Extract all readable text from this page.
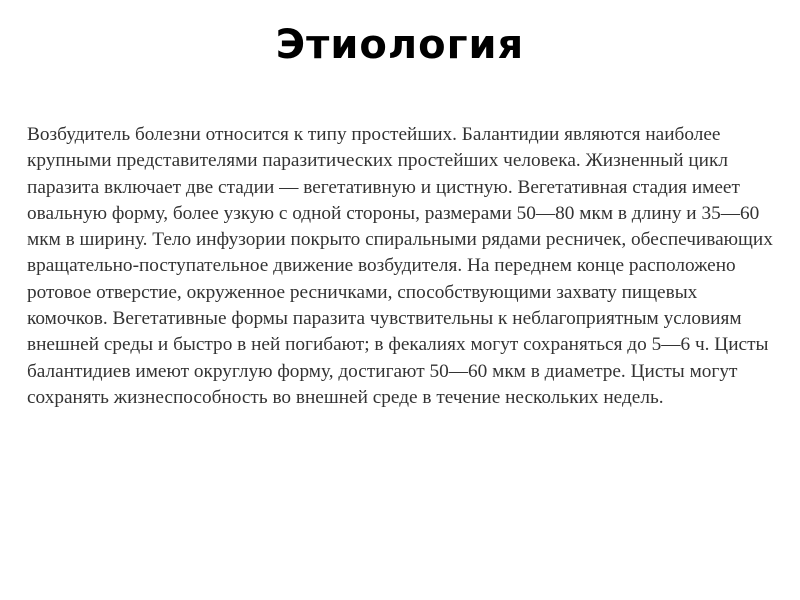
Этиология

Возбудитель болезни относится к типу простейших. Балантидии являются наиболее крупными представителями паразитических простейших человека. Жизненный цикл паразита включает две стадии — вегетативную и цистную. Вегетативная стадия имеет овальную форму, более узкую с одной стороны, размерами 50—80 мкм в длину и 35—60 мкм в ширину. Тело инфузории покрыто спиральными рядами ресничек, обеспечивающих вращательно-поступательное движение возбудителя. На переднем конце расположено ротовое отверстие, окруженное ресничками, способствующими захвату пищевых комочков. Вегетативные формы паразита чувствительны к неблагоприятным условиям внешней среды и быстро в ней погибают; в фекалиях могут сохраняться до 5—6 ч. Цисты балантидиев имеют округлую форму, достигают 50—60 мкм в диаметре. Цисты могут сохранять жизнеспособность во внешней среде в течение нескольких недель.
